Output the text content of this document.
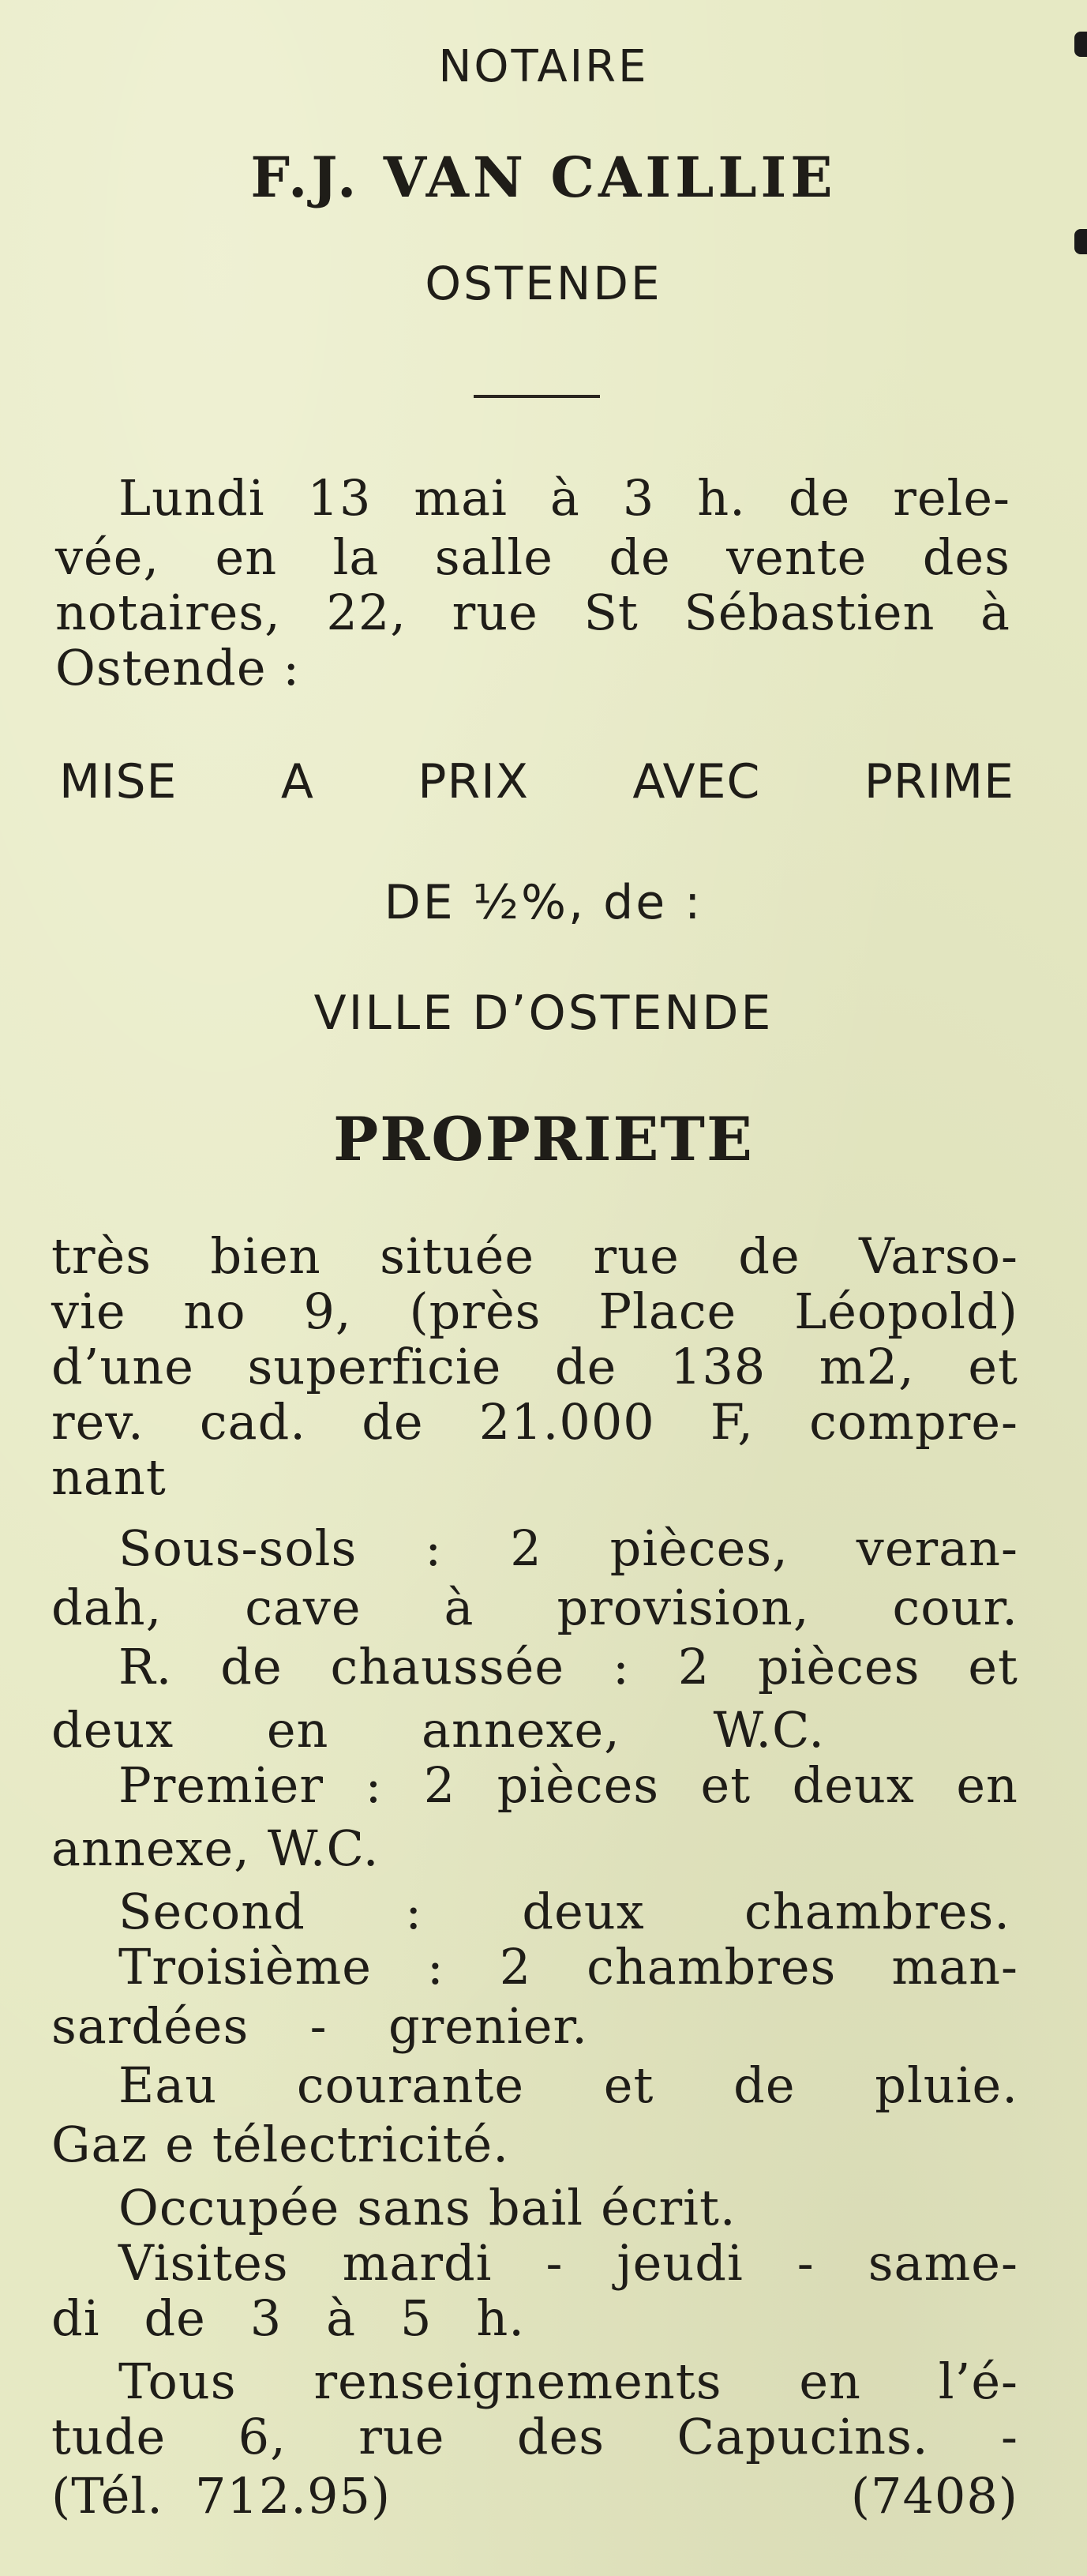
NOTAIRE
F.J. VAN CAILLIE
OSTENDE
Lundi 13 mai à 3 h. de rele-
vée, en la salle de vente des
notaires, 22, rue St Sébastien à
Ostende :
MISE A PRIX AVEC PRIME
DE ½%, de :
VILLE D’OSTENDE
PROPRIETE
très bien située rue de Varso-
vie no 9, (près Place Léopold)
d’une superficie de 138 m2, et
rev. cad. de 21.000 F, compre-
nant
Sous-sols : 2 pièces, veran-
dah, cave à provision, cour.
R. de chaussée : 2 pièces et
deux en annexe, W.C.
Premier : 2 pièces et deux en
annexe, W.C.
Second : deux chambres.
Troisième : 2 chambres man-
sardées - grenier.
Eau courante et de pluie.
Gaz e télectricité.
Occupée sans bail écrit.
Visites mardi - jeudi - same-
di de 3 à 5 h.
Tous renseignements en l’é-
tude 6, rue des Capucins. -
(Tél. 712.95)	(7408)
